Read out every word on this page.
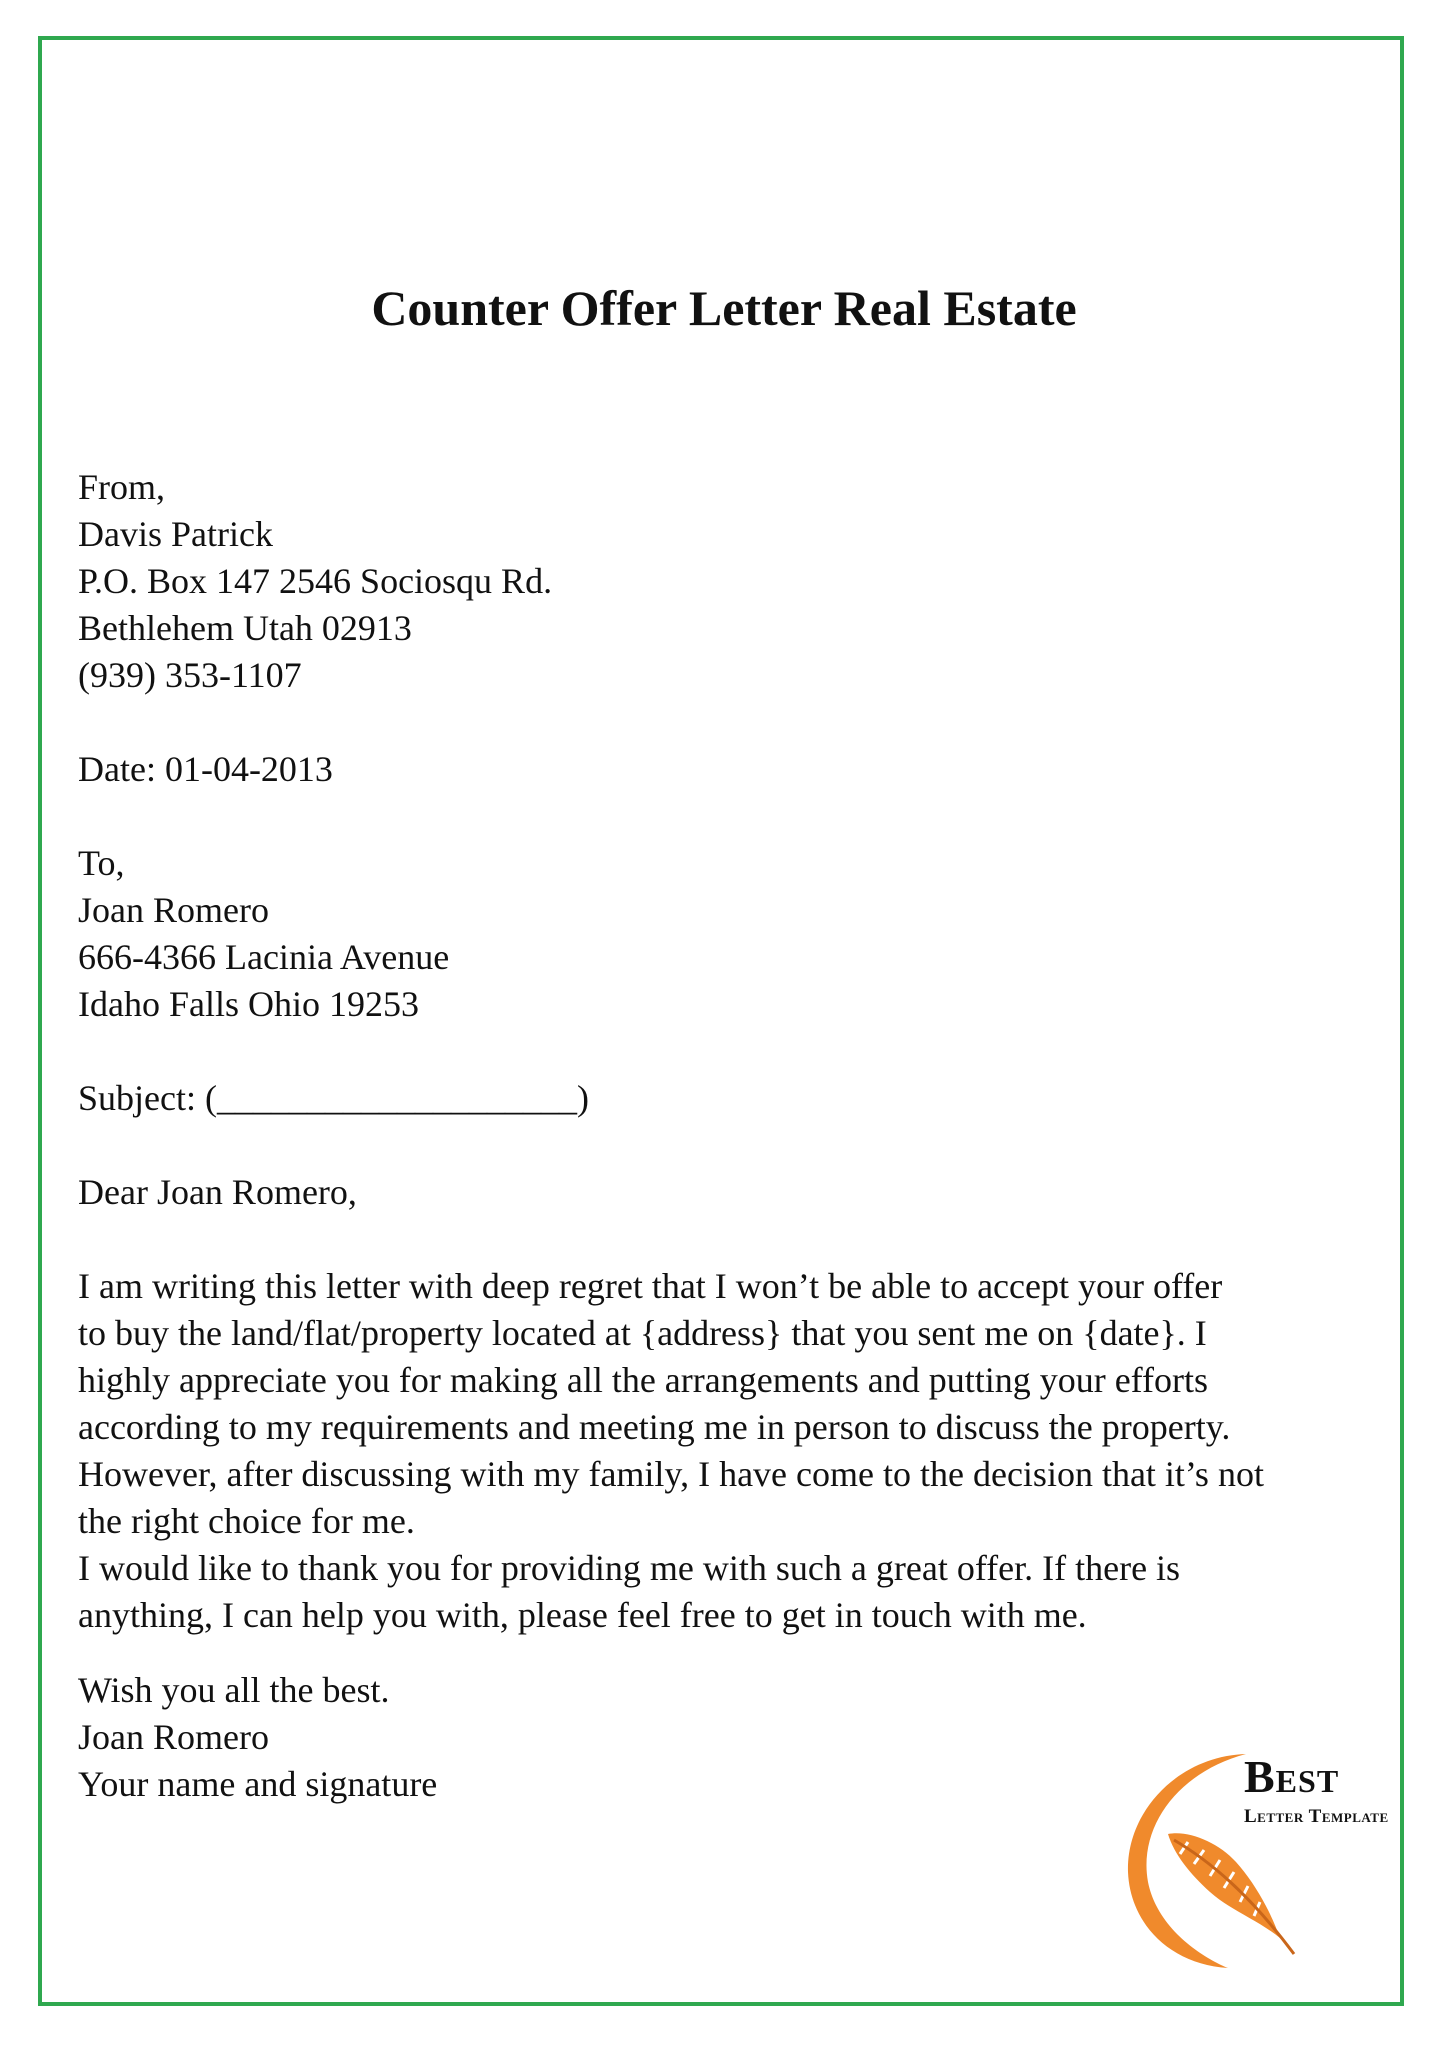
Counter Offer Letter Real Estate
From,
Davis Patrick
P.O. Box 147 2546 Sociosqu Rd.
Bethlehem Utah 02913
(939) 353-1107
Date: 01-04-2013
To,
Joan Romero
666-4366 Lacinia Avenue
Idaho Falls Ohio 19253
Subject: (____________________)
Dear Joan Romero,
I am writing this letter with deep regret that I won’t be able to accept your offer
to buy the land/flat/property located at {address} that you sent me on {date}. I
highly appreciate you for making all the arrangements and putting your efforts
according to my requirements and meeting me in person to discuss the property.
However, after discussing with my family, I have come to the decision that it’s not
the right choice for me.
I would like to thank you for providing me with such a great offer. If there is
anything, I can help you with, please feel free to get in touch with me.
Wish you all the best.
Joan Romero
Your name and signature	Best
Letter Template
